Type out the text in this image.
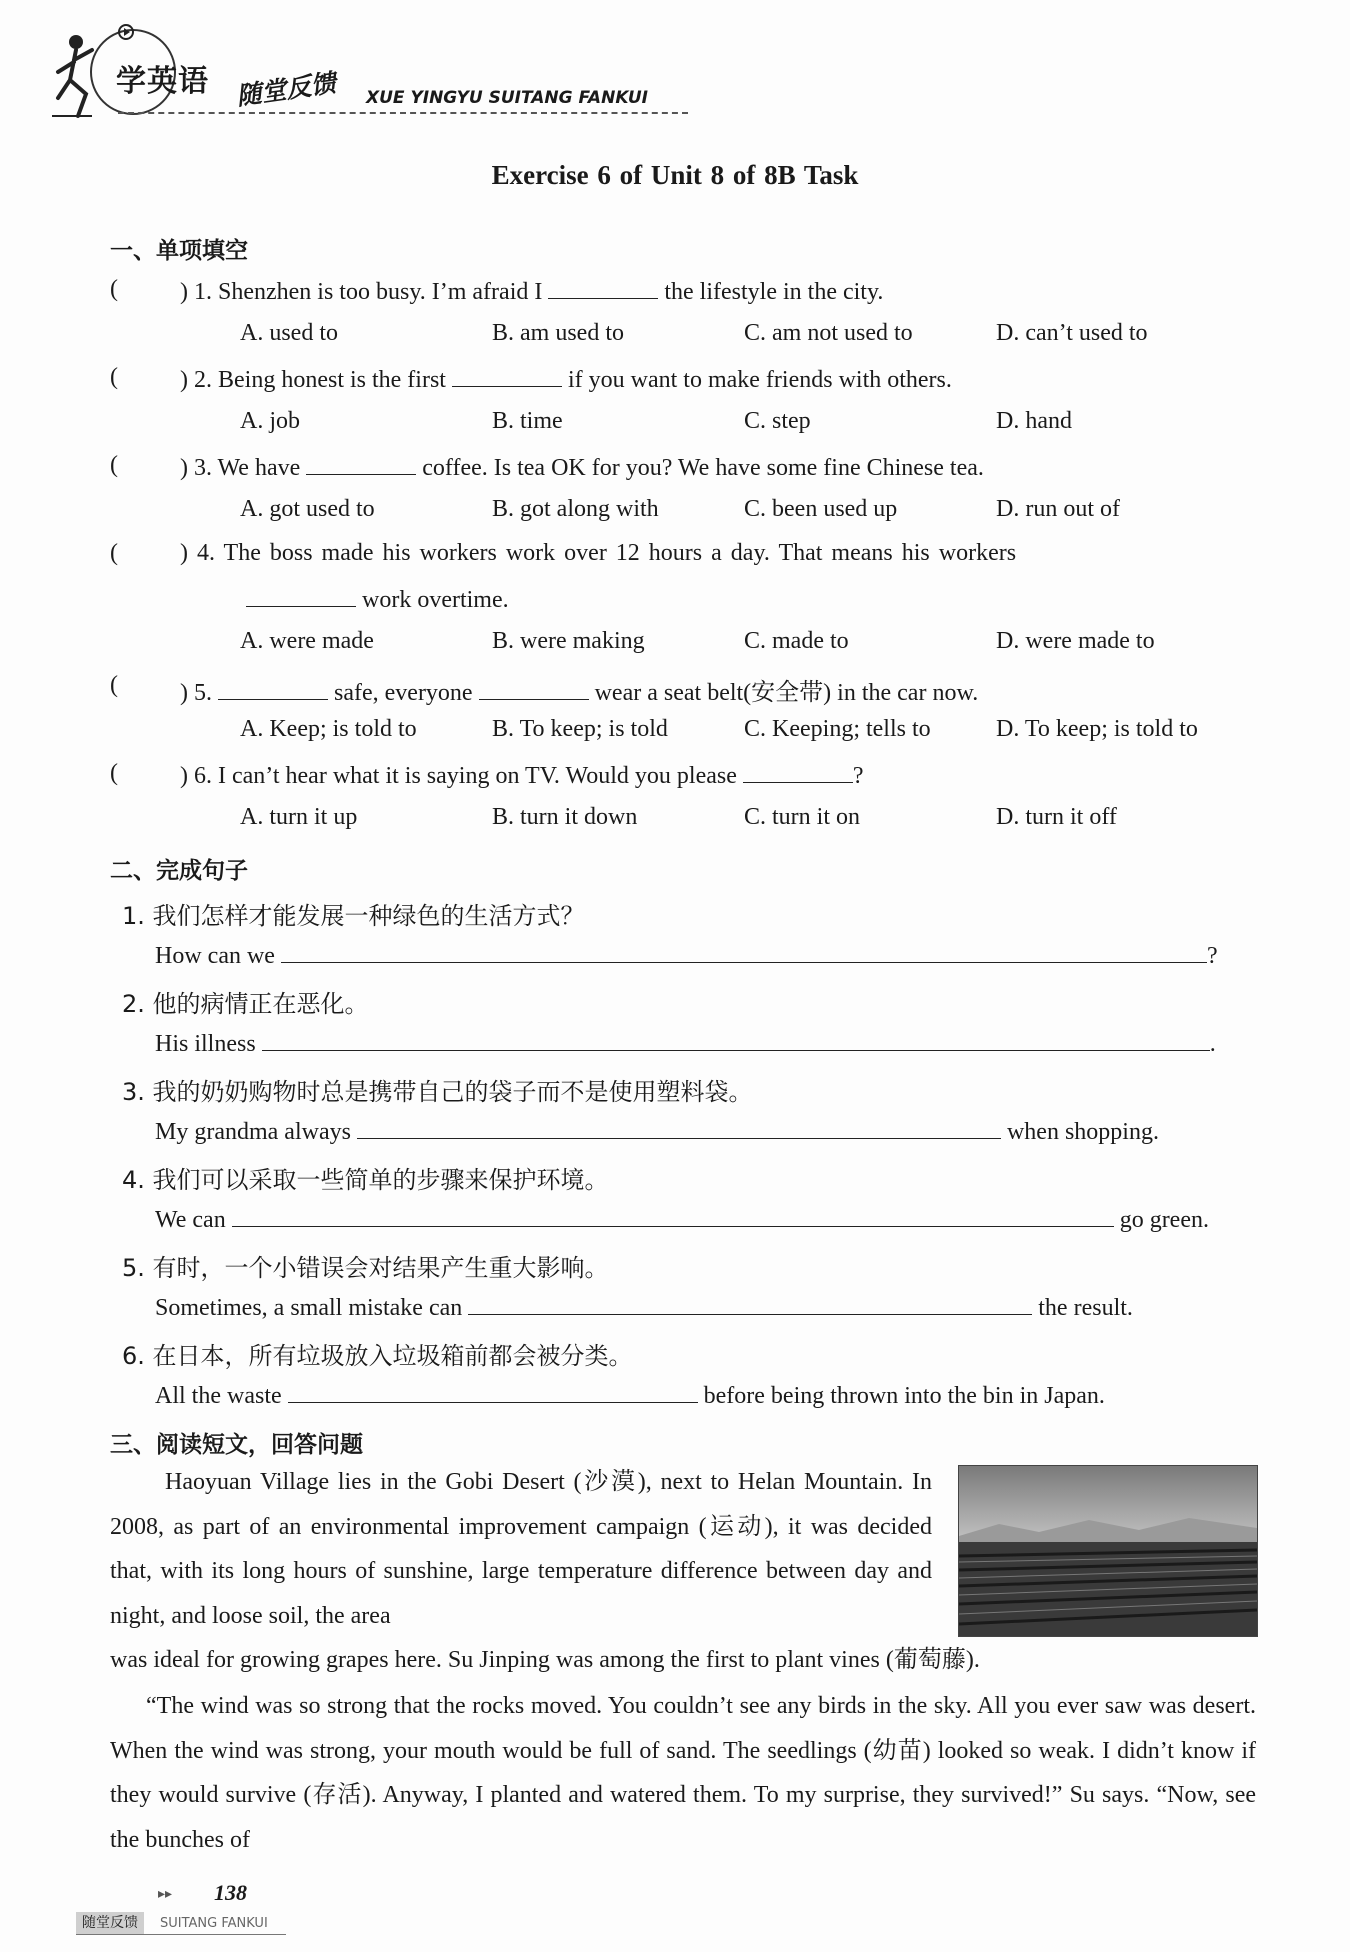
学英语 随堂反馈 XUE YINGYU SUITANG FANKUI
Exercise 6 of Unit 8 of 8B Task
一、单项填空
(	) 1. Shenzhen is too busy. I’m afraid I	the lifestyle in the city.
A. used to	B. am used to	C. am not used to	D. can’t used to
(	) 2. Being honest is the first	if you want to make friends with others.
A. job	B. time	C. step	D. hand
(	) 3. We have	coffee. Is tea OK for you? We have some fine Chinese tea.
A. got used to	B. got along with	C. been used up	D. run out of
(	) 4. The boss made his workers work over 12 hours a day. That means his workers
work overtime.
A. were made	B. were making	C. made to	D. were made to
(	) 5.	safe, everyone	wear a seat belt(安全带) in the car now.
A. Keep; is told to	B. To keep; is told	C. Keeping; tells to	D. To keep; is told to
(	) 6. I can’t hear what it is saying on TV. Would you please	?
A. turn it up	B. turn it down	C. turn it on	D. turn it off
二、完成句子
1. 我们怎样才能发展一种绿色的生活方式？
How can we	?
2. 他的病情正在恶化。
His illness	.
3. 我的奶奶购物时总是携带自己的袋子而不是使用塑料袋。
My grandma always	when shopping.
4. 我们可以采取一些简单的步骤来保护环境。
We can	go green.
5. 有时，一个小错误会对结果产生重大影响。
Sometimes, a small mistake can	the result.
6. 在日本，所有垃圾放入垃圾箱前都会被分类。
All the waste	before being thrown into the bin in Japan.
三、阅读短文，回答问题
Haoyuan Village lies in the Gobi Desert (沙漠), next to Helan Mountain. In 2008, as part of an environmental improvement campaign (运动), it was decided that, with its long hours of sunshine, large temperature difference between day and night, and loose soil, the area
was ideal for growing grapes here. Su Jinping was among the first to plant vines (葡萄藤).
“The wind was so strong that the rocks moved. You couldn’t see any birds in the sky. All you ever saw was desert. When the wind was strong, your mouth would be full of sand. The seedlings (幼苗) looked so weak. I didn’t know if they would survive (存活). Anyway, I planted and watered them. To my surprise, they survived!” Su says. “Now, see the bunches of
▸▸ 138
随堂反馈	SUITANG FANKUI
